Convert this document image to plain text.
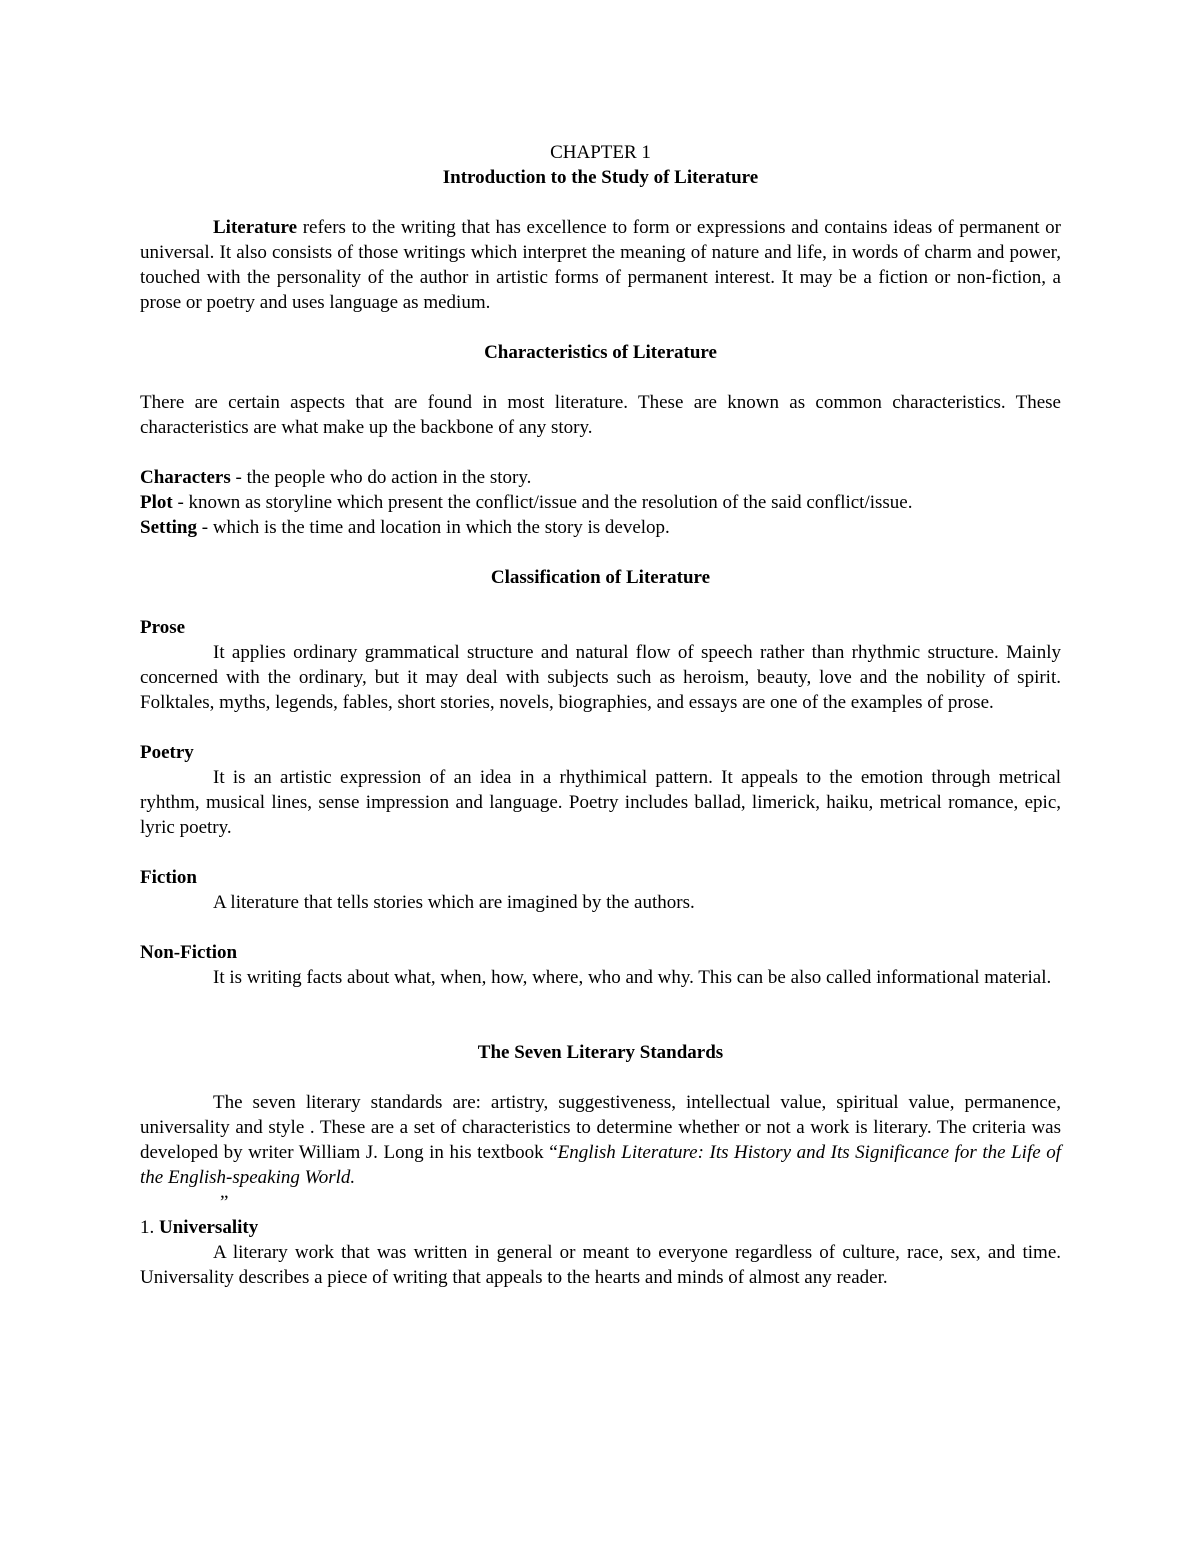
CHAPTER 1

Introduction to the Study of Literature

Literature refers to the writing that has excellence to form or expressions and contains ideas of permanent or universal. It also consists of those writings which interpret the meaning of nature and life, in words of charm and power, touched with the personality of the author in artistic forms of permanent interest. It may be a fiction or non-fiction, a prose or poetry and uses language as medium.

Characteristics of Literature

There are certain aspects that are found in most literature. These are known as common characteristics. These characteristics are what make up the backbone of any story.

Characters - the people who do action in the story.

Plot - known as storyline which present the conflict/issue and the resolution of the said conflict/issue.

Setting - which is the time and location in which the story is develop.

Classification of Literature

Prose

It applies ordinary grammatical structure and natural flow of speech rather than rhythmic structure. Mainly concerned with the ordinary, but it may deal with subjects such as heroism, beauty, love and the nobility of spirit. Folktales, myths, legends, fables, short stories, novels, biographies, and essays are one of the examples of prose.

Poetry

It is an artistic expression of an idea in a rhythimical pattern. It appeals to the emotion through metrical ryhthm, musical lines, sense impression and language. Poetry includes ballad, limerick, haiku, metrical romance, epic, lyric poetry.

Fiction

A literature that tells stories which are imagined by the authors.

Non-Fiction

It is writing facts about what, when, how, where, who and why. This can be also called informational material.

The Seven Literary Standards

The seven literary standards are: artistry, suggestiveness, intellectual value, spiritual value, permanence, universality and style . These are a set of characteristics to determine whether or not a work is literary. The criteria was developed by writer William J. Long in his textbook “English Literature: Its History and Its Significance for the Life of the English-speaking World.

”

1. Universality

A literary work that was written in general or meant to everyone regardless of culture, race, sex, and time. Universality describes a piece of writing that appeals to the hearts and minds of almost any reader.
